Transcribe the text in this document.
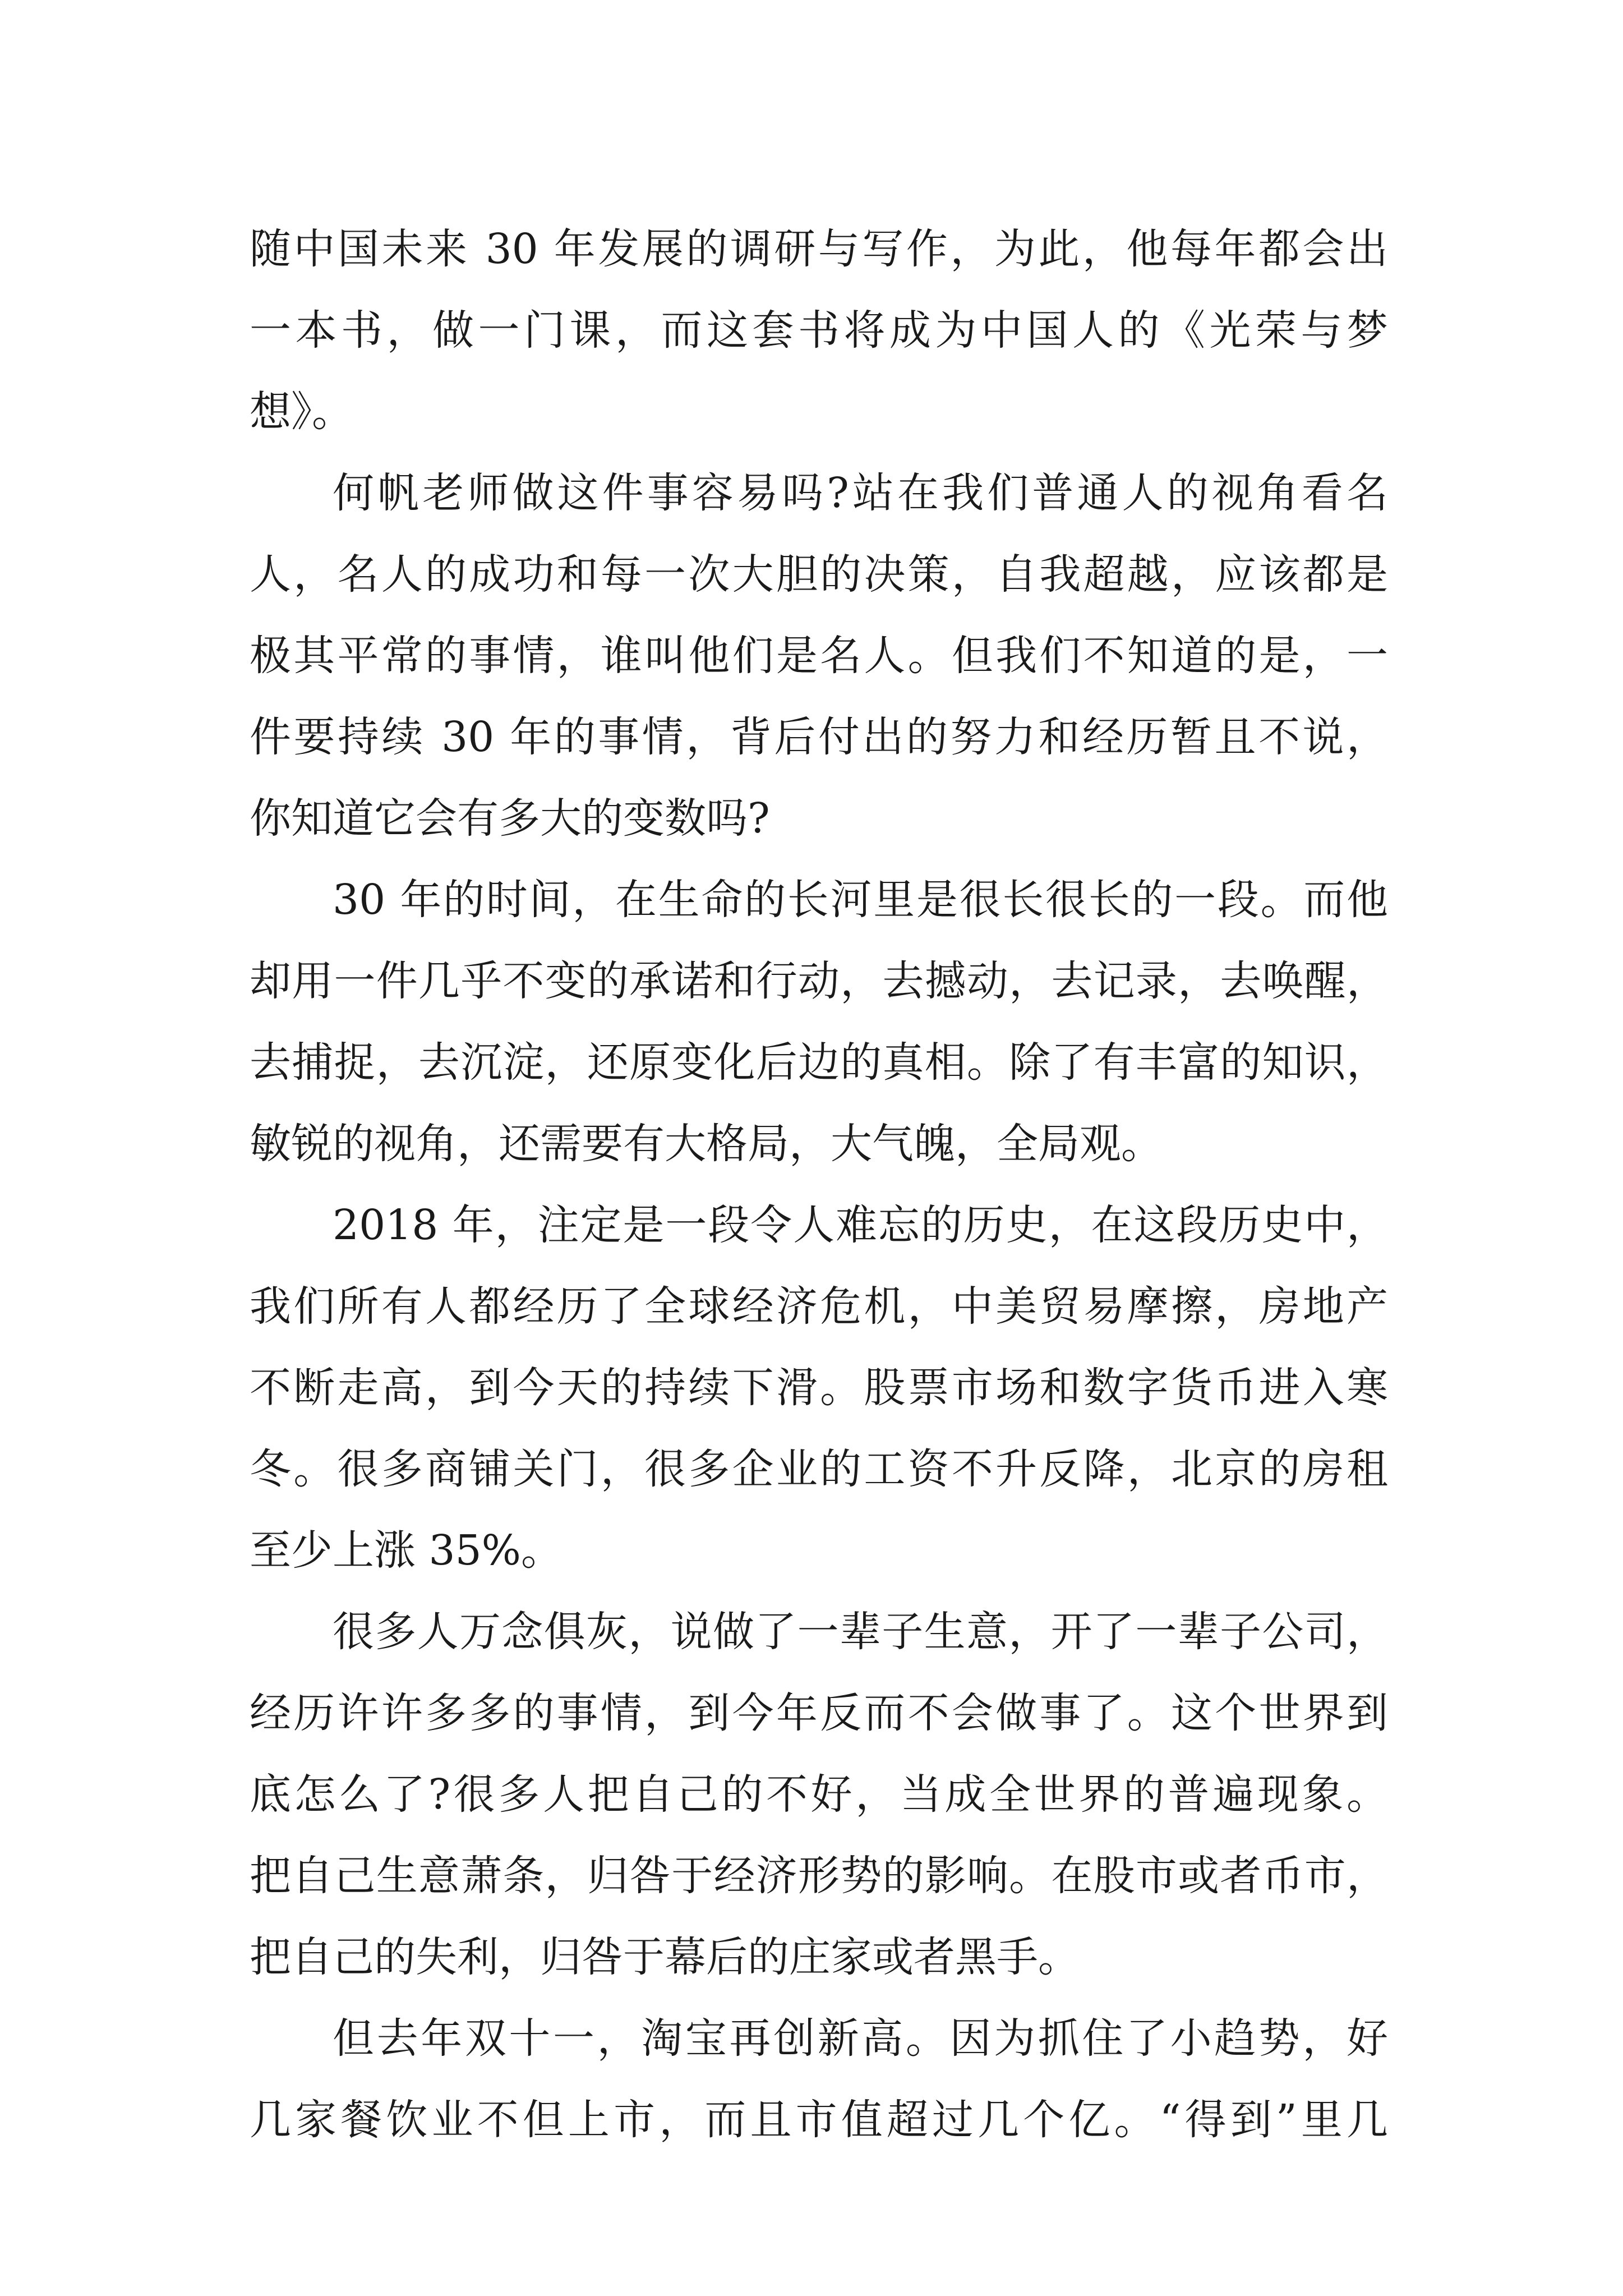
随中国未来 30 年发展的调研与写作，为此，他每年都会出
一本书，做一门课，而这套书将成为中国人的《光荣与梦
想》。
何帆老师做这件事容易吗?站在我们普通人的视角看名
人，名人的成功和每一次大胆的决策，自我超越，应该都是
极其平常的事情，谁叫他们是名人。但我们不知道的是，一
件要持续 30 年的事情，背后付出的努力和经历暂且不说，
你知道它会有多大的变数吗?
30 年的时间，在生命的长河里是很长很长的一段。而他
却用一件几乎不变的承诺和行动，去撼动，去记录，去唤醒，
去捕捉，去沉淀，还原变化后边的真相。除了有丰富的知识，
敏锐的视角，还需要有大格局，大气魄，全局观。
2018 年，注定是一段令人难忘的历史，在这段历史中，
我们所有人都经历了全球经济危机，中美贸易摩擦，房地产
不断走高，到今天的持续下滑。股票市场和数字货币进入寒
冬。很多商铺关门，很多企业的工资不升反降，北京的房租
至少上涨 35%。
很多人万念俱灰，说做了一辈子生意，开了一辈子公司，
经历许许多多的事情，到今年反而不会做事了。这个世界到
底怎么了?很多人把自己的不好，当成全世界的普遍现象。
把自己生意萧条，归咎于经济形势的影响。在股市或者币市，
把自己的失利，归咎于幕后的庄家或者黑手。
但去年双十一，淘宝再创新高。因为抓住了小趋势，好
几家餐饮业不但上市，而且市值超过几个亿。“得到”里几
